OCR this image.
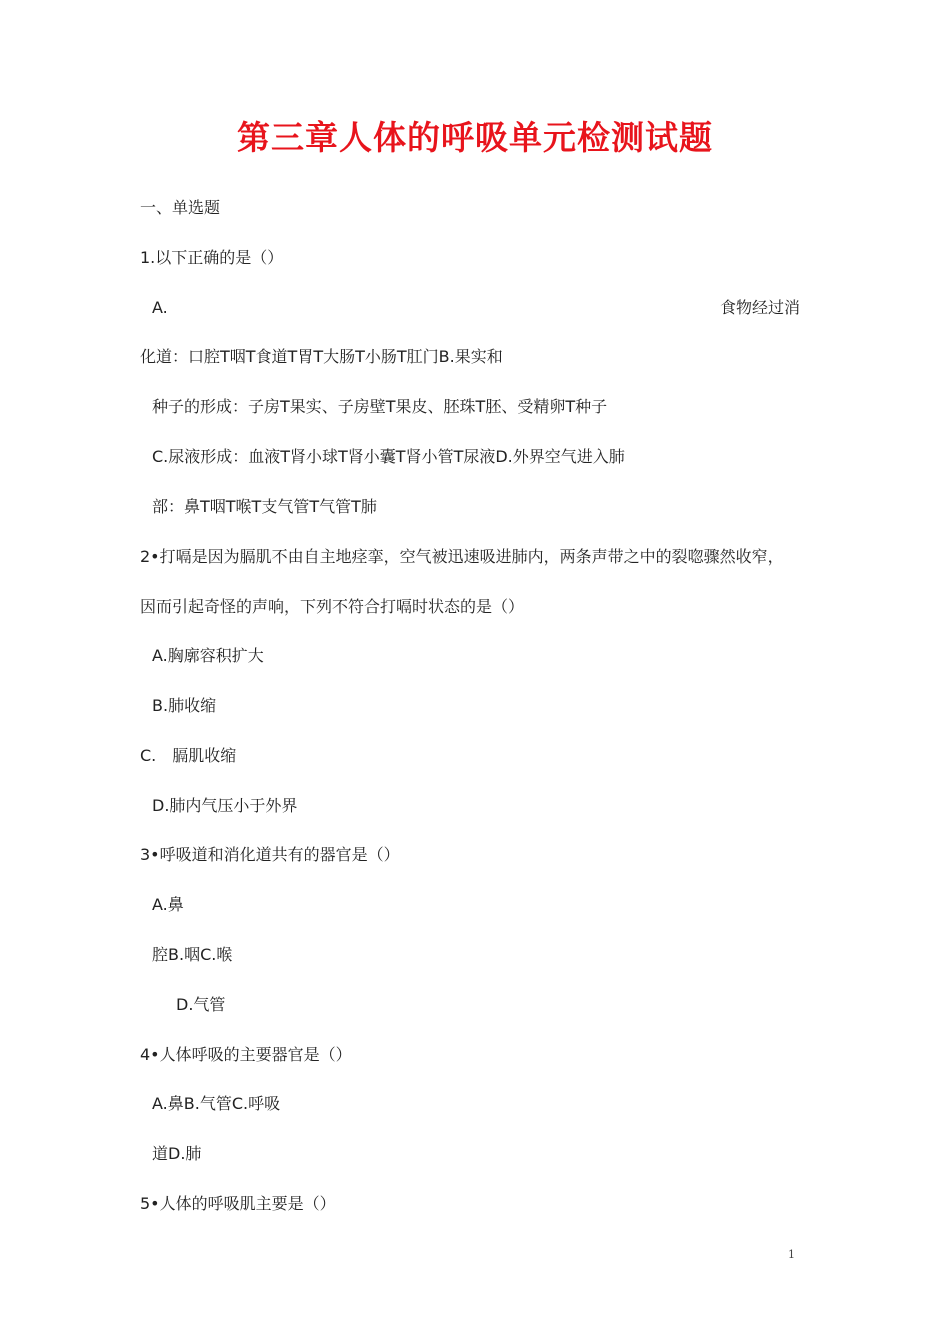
第三章人体的呼吸单元检测试题
一、单选题
1.以下正确的是（）
A.	食物经过消
化道：口腔T咽T食道T胃T大肠T小肠T肛门B.果实和
种子的形成：子房T果实、子房壁T果皮、胚珠T胚、受精卵T种子
C.尿液形成：血液T肾小球T肾小囊T肾小管T尿液D.外界空气进入肺
部：鼻T咽T喉T支气管T气管T肺
2•打嗝是因为膈肌不由自主地痉挛，空气被迅速吸进肺内，两条声带之中的裂唿骤然收窄，
因而引起奇怪的声响，下列不符合打嗝时状态的是（）
A.胸廓容积扩大
B.肺收缩
C.　膈肌收缩
D.肺内气压小于外界
3•呼吸道和消化道共有的器官是（）
A.鼻
腔B.咽C.喉
D.气管
4•人体呼吸的主要器官是（）
A.鼻B.气管C.呼吸
道D.肺
5•人体的呼吸肌主要是（）
1
